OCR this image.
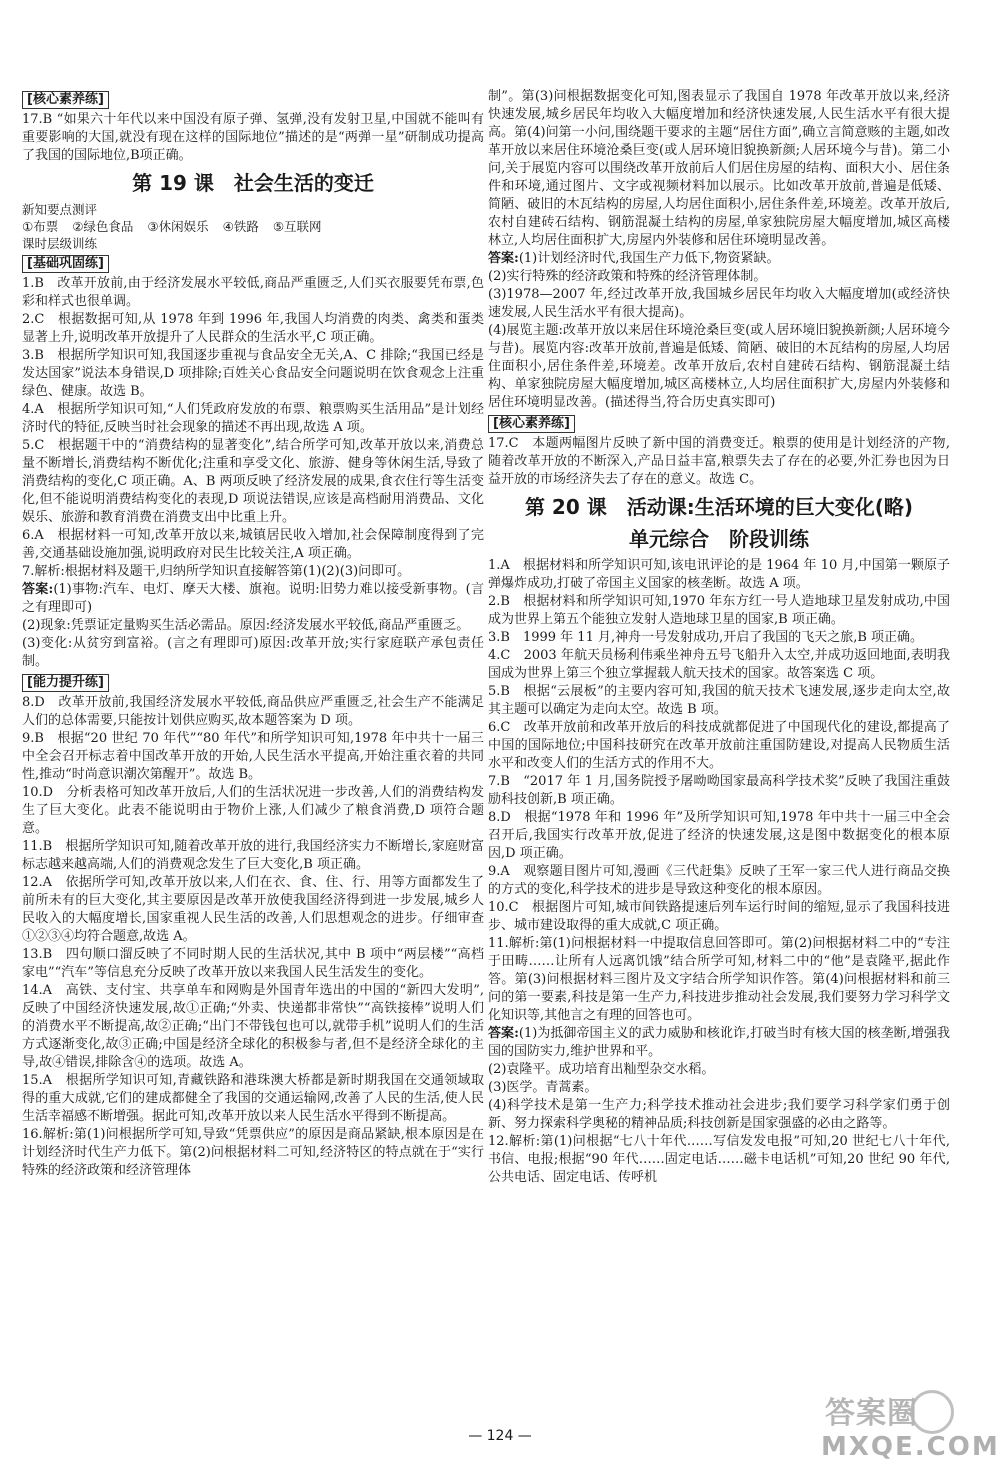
[核心素养练]

17.B “如果六十年代以来中国没有原子弹、氢弹,没有发射卫星,中国就不能叫有重要影响的大国,就没有现在这样的国际地位”描述的是“两弹一星”研制成功提高了我国的国际地位,B项正确。

第 19 课　社会生活的变迁

新知要点测评

①布票 ②绿色食品 ③休闲娱乐 ④铁路 ⑤互联网

课时层级训练

[基础巩固练]

1.B　改革开放前,由于经济发展水平较低,商品严重匮乏,人们买衣服要凭布票,色彩和样式也很单调。

2.C　根据数据可知,从 1978 年到 1996 年,我国人均消费的肉类、禽类和蛋类显著上升,说明改革开放提升了人民群众的生活水平,C 项正确。

3.B　根据所学知识可知,我国逐步重视与食品安全无关,A、C 排除;“我国已经是发达国家”说法本身错误,D 项排除;百姓关心食品安全问题说明在饮食观念上注重绿色、健康。故选 B。

4.A　根据所学知识可知,“人们凭政府发放的布票、粮票购买生活用品”是计划经济时代的特征,反映当时社会现象的描述不再出现,故选 A 项。

5.C　根据题干中的“消费结构的显著变化”,结合所学可知,改革开放以来,消费总量不断增长,消费结构不断优化;注重和享受文化、旅游、健身等休闲生活,导致了消费结构的变化,C 项正确。A、B 两项反映了经济发展的成果,食衣住行等生活变化,但不能说明消费结构变化的表现,D 项说法错误,应该是高档耐用消费品、文化娱乐、旅游和教育消费在消费支出中比重上升。

6.A　根据材料一可知,改革开放以来,城镇居民收入增加,社会保障制度得到了完善,交通基础设施加强,说明政府对民生比较关注,A 项正确。

7.解析:根据材料及题干,归纳所学知识直接解答第(1)(2)(3)问即可。

答案:(1)事物:汽车、电灯、摩天大楼、旗袍。说明:旧势力难以接受新事物。(言之有理即可)

(2)现象:凭票证定量购买生活必需品。原因:经济发展水平较低,商品严重匮乏。

(3)变化:从贫穷到富裕。(言之有理即可)原因:改革开放;实行家庭联产承包责任制。

[能力提升练]

8.D　改革开放前,我国经济发展水平较低,商品供应严重匮乏,社会生产不能满足人们的总体需要,只能按计划供应购买,故本题答案为 D 项。

9.B　根据“20 世纪 70 年代”“80 年代”和所学知识可知,1978 年中共十一届三中全会召开标志着中国改革开放的开始,人民生活水平提高,开始注重衣着的共同性,推动“时尚意识潮次第醒开”。故选 B。

10.D　分析表格可知改革开放后,人们的生活状况进一步改善,人们的消费结构发生了巨大变化。此表不能说明由于物价上涨,人们减少了粮食消费,D 项符合题意。

11.B　根据所学知识可知,随着改革开放的进行,我国经济实力不断增长,家庭财富标志越来越高端,人们的消费观念发生了巨大变化,B 项正确。

12.A　依据所学可知,改革开放以来,人们在衣、食、住、行、用等方面都发生了前所未有的巨大变化,其主要原因是改革开放使我国经济得到进一步发展,城乡人民收入的大幅度增长,国家重视人民生活的改善,人们思想观念的进步。仔细审查①②③④均符合题意,故选 A。

13.B　四句顺口溜反映了不同时期人民的生活状况,其中 B 项中“两层楼”“高档家电”“汽车”等信息充分反映了改革开放以来我国人民生活发生的变化。

14.A　高铁、支付宝、共享单车和网购是外国青年选出的中国的“新四大发明”,反映了中国经济快速发展,故①正确;“外卖、快递都非常快”“高铁接棒”说明人们的消费水平不断提高,故②正确;“出门不带钱包也可以,就带手机”说明人们的生活方式逐渐变化,故③正确;中国是经济全球化的积极参与者,但不是经济全球化的主导,故④错误,排除含④的选项。故选 A。

15.A　根据所学知识可知,青藏铁路和港珠澳大桥都是新时期我国在交通领域取得的重大成就,它们的建成都健全了我国的交通运输网,改善了人民的生活,使人民生活幸福感不断增强。据此可知,改革开放以来人民生活水平得到不断提高。

16.解析:第(1)问根据所学可知,导致“凭票供应”的原因是商品紧缺,根本原因是在计划经济时代生产力低下。第(2)问根据材料二可知,经济特区的特点就在于“实行特殊的经济政策和经济管理体

制”。第(3)问根据数据变化可知,图表显示了我国自 1978 年改革开放以来,经济快速发展,城乡居民年均收入大幅度增加和经济快速发展,人民生活水平有很大提高。第(4)问第一小问,围绕题干要求的主题“居住方面”,确立言简意赅的主题,如改革开放以来居住环境沧桑巨变(或人居环境旧貌换新颜;人居环境今与昔)。第二小问,关于展览内容可以围绕改革开放前后人们居住房屋的结构、面积大小、居住条件和环境,通过图片、文字或视频材料加以展示。比如改革开放前,普遍是低矮、简陋、破旧的木瓦结构的房屋,人均居住面积小,居住条件差,环境差。改革开放后,农村自建砖石结构、钢筋混凝土结构的房屋,单家独院房屋大幅度增加,城区高楼林立,人均居住面积扩大,房屋内外装修和居住环境明显改善。

答案:(1)计划经济时代,我国生产力低下,物资紧缺。

(2)实行特殊的经济政策和特殊的经济管理体制。

(3)1978—2007 年,经过改革开放,我国城乡居民年均收入大幅度增加(或经济快速发展,人民生活水平有很大提高)。

(4)展览主题:改革开放以来居住环境沧桑巨变(或人居环境旧貌换新颜;人居环境今与昔)。展览内容:改革开放前,普遍是低矮、简陋、破旧的木瓦结构的房屋,人均居住面积小,居住条件差,环境差。改革开放后,农村自建砖石结构、钢筋混凝土结构、单家独院房屋大幅度增加,城区高楼林立,人均居住面积扩大,房屋内外装修和居住环境明显改善。(描述得当,符合历史真实即可)

[核心素养练]

17.C　本题两幅图片反映了新中国的消费变迁。粮票的使用是计划经济的产物,随着改革开放的不断深入,产品日益丰富,粮票失去了存在的必要,外汇券也因为日益开放的市场经济失去了存在的意义。故选 C。

第 20 课　活动课:生活环境的巨大变化(略)
单元综合　阶段训练

1.A　根据材料和所学知识可知,该电讯评论的是 1964 年 10 月,中国第一颗原子弹爆炸成功,打破了帝国主义国家的核垄断。故选 A 项。

2.B　根据材料和所学知识可知,1970 年东方红一号人造地球卫星发射成功,中国成为世界上第五个能独立发射人造地球卫星的国家,B 项正确。

3.B　1999 年 11 月,神舟一号发射成功,开启了我国的飞天之旅,B 项正确。

4.C　2003 年航天员杨利伟乘坐神舟五号飞船升入太空,并成功返回地面,表明我国成为世界上第三个独立掌握载人航天技术的国家。故答案选 C 项。

5.B　根据“云展板”的主要内容可知,我国的航天技术飞速发展,逐步走向太空,故其主题可以确定为走向太空。故选 B 项。

6.C　改革开放前和改革开放后的科技成就都促进了中国现代化的建设,都提高了中国的国际地位;中国科技研究在改革开放前注重国防建设,对提高人民物质生活水平和改变人们的生活方式的作用不大。

7.B　“2017 年 1 月,国务院授予屠呦呦国家最高科学技术奖”反映了我国注重鼓励科技创新,B 项正确。

8.D　根据“1978 年和 1996 年”及所学知识可知,1978 年中共十一届三中全会召开后,我国实行改革开放,促进了经济的快速发展,这是图中数据变化的根本原因,D 项正确。

9.A　观察题目图片可知,漫画《三代赶集》反映了王军一家三代人进行商品交换的方式的变化,科学技术的进步是导致这种变化的根本原因。

10.C　根据图片可知,城市间铁路提速后列车运行时间的缩短,显示了我国科技进步、城市建设取得的重大成就,C 项正确。

11.解析:第(1)问根据材料一中提取信息回答即可。第(2)问根据材料二中的“专注于田畴……让所有人远离饥饿”结合所学可知,材料二中的“他”是袁隆平,据此作答。第(3)问根据材料三图片及文字结合所学知识作答。第(4)问根据材料和前三问的第一要素,科技是第一生产力,科技进步推动社会发展,我们要努力学习科学文化知识等,其他言之有理的回答也可。

答案:(1)为抵御帝国主义的武力威胁和核讹诈,打破当时有核大国的核垄断,增强我国的国防实力,维护世界和平。

(2)袁隆平。成功培育出籼型杂交水稻。

(3)医学。青蒿素。

(4)科学技术是第一生产力;科学技术推动社会进步;我们要学习科学家们勇于创新、努力探索科学奥秘的精神品质;科技创新是国家强盛的必由之路等。

12.解析:第(1)问根据“七八十年代……写信发发电报”可知,20 世纪七八十年代,书信、电报;根据“90 年代……固定电话……磁卡电话机”可知,20 世纪 90 年代,公共电话、固定电话、传呼机

— 124 —
答案圈
MXQE.COM
